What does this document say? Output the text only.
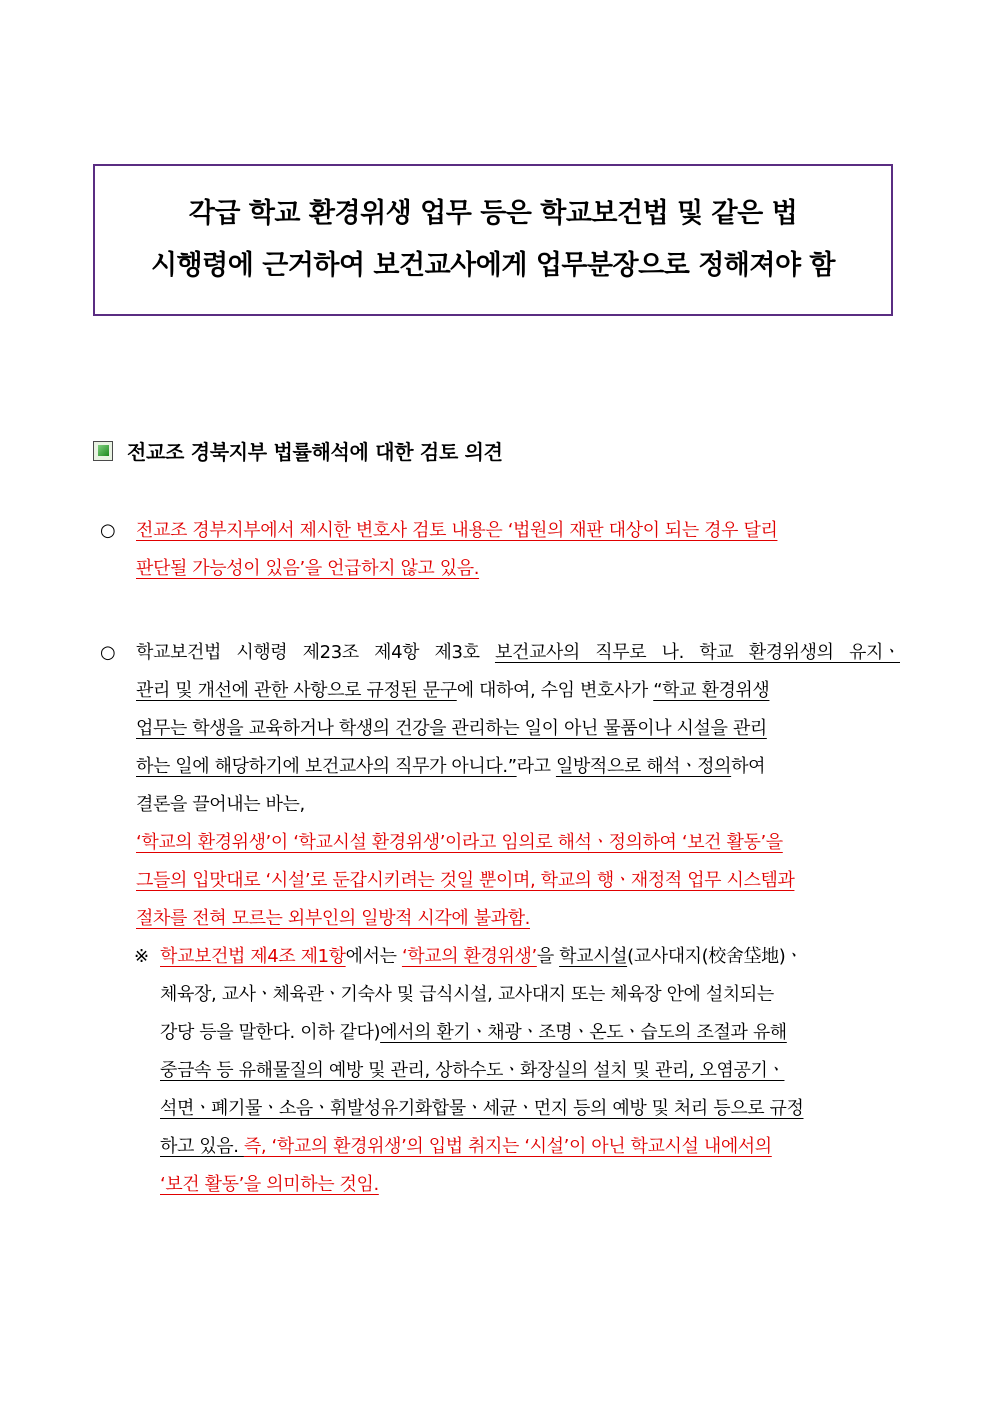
각급 학교 환경위생 업무 등은 학교보건법 및 같은 법
시행령에 근거하여 보건교사에게 업무분장으로 정해져야 함
전교조 경북지부 법률해석에 대한 검토 의견
○ 전교조 경부지부에서 제시한 변호사 검토 내용은 ‘법원의 재판 대상이 되는 경우 달리
판단될 가능성이 있음’을 언급하지 않고 있음.
○ 학교보건법 시행령 제23조 제4항 제3호 보건교사의 직무로 나. 학교 환경위생의 유지ㆍ
관리 및 개선에 관한 사항으로 규정된 문구에 대하여, 수임 변호사가 “학교 환경위생
업무는 학생을 교육하거나 학생의 건강을 관리하는 일이 아닌 물품이나 시설을 관리
하는 일에 해당하기에 보건교사의 직무가 아니다.”라고 일방적으로 해석ㆍ정의하여
결론을 끌어내는 바는,
‘학교의 환경위생’이 ‘학교시설 환경위생’이라고 임의로 해석ㆍ정의하여 ‘보건 활동’을
그들의 입맛대로 ‘시설’로 둔갑시키려는 것일 뿐이며, 학교의 행ㆍ재정적 업무 시스템과
절차를 전혀 모르는 외부인의 일방적 시각에 불과함.
※ 학교보건법 제4조 제1항에서는 ‘학교의 환경위생’을 학교시설(교사대지(校舍垈地)ㆍ
체육장, 교사ㆍ체육관ㆍ기숙사 및 급식시설, 교사대지 또는 체육장 안에 설치되는
강당 등을 말한다. 이하 같다)에서의 환기ㆍ채광ㆍ조명ㆍ온도ㆍ습도의 조절과 유해
중금속 등 유해물질의 예방 및 관리, 상하수도ㆍ화장실의 설치 및 관리, 오염공기ㆍ
석면ㆍ폐기물ㆍ소음ㆍ휘발성유기화합물ㆍ세균ㆍ먼지 등의 예방 및 처리 등으로 규정
하고 있음. 즉, ‘학교의 환경위생’의 입법 취지는 ‘시설’이 아닌 학교시설 내에서의
‘보건 활동’을 의미하는 것임.
